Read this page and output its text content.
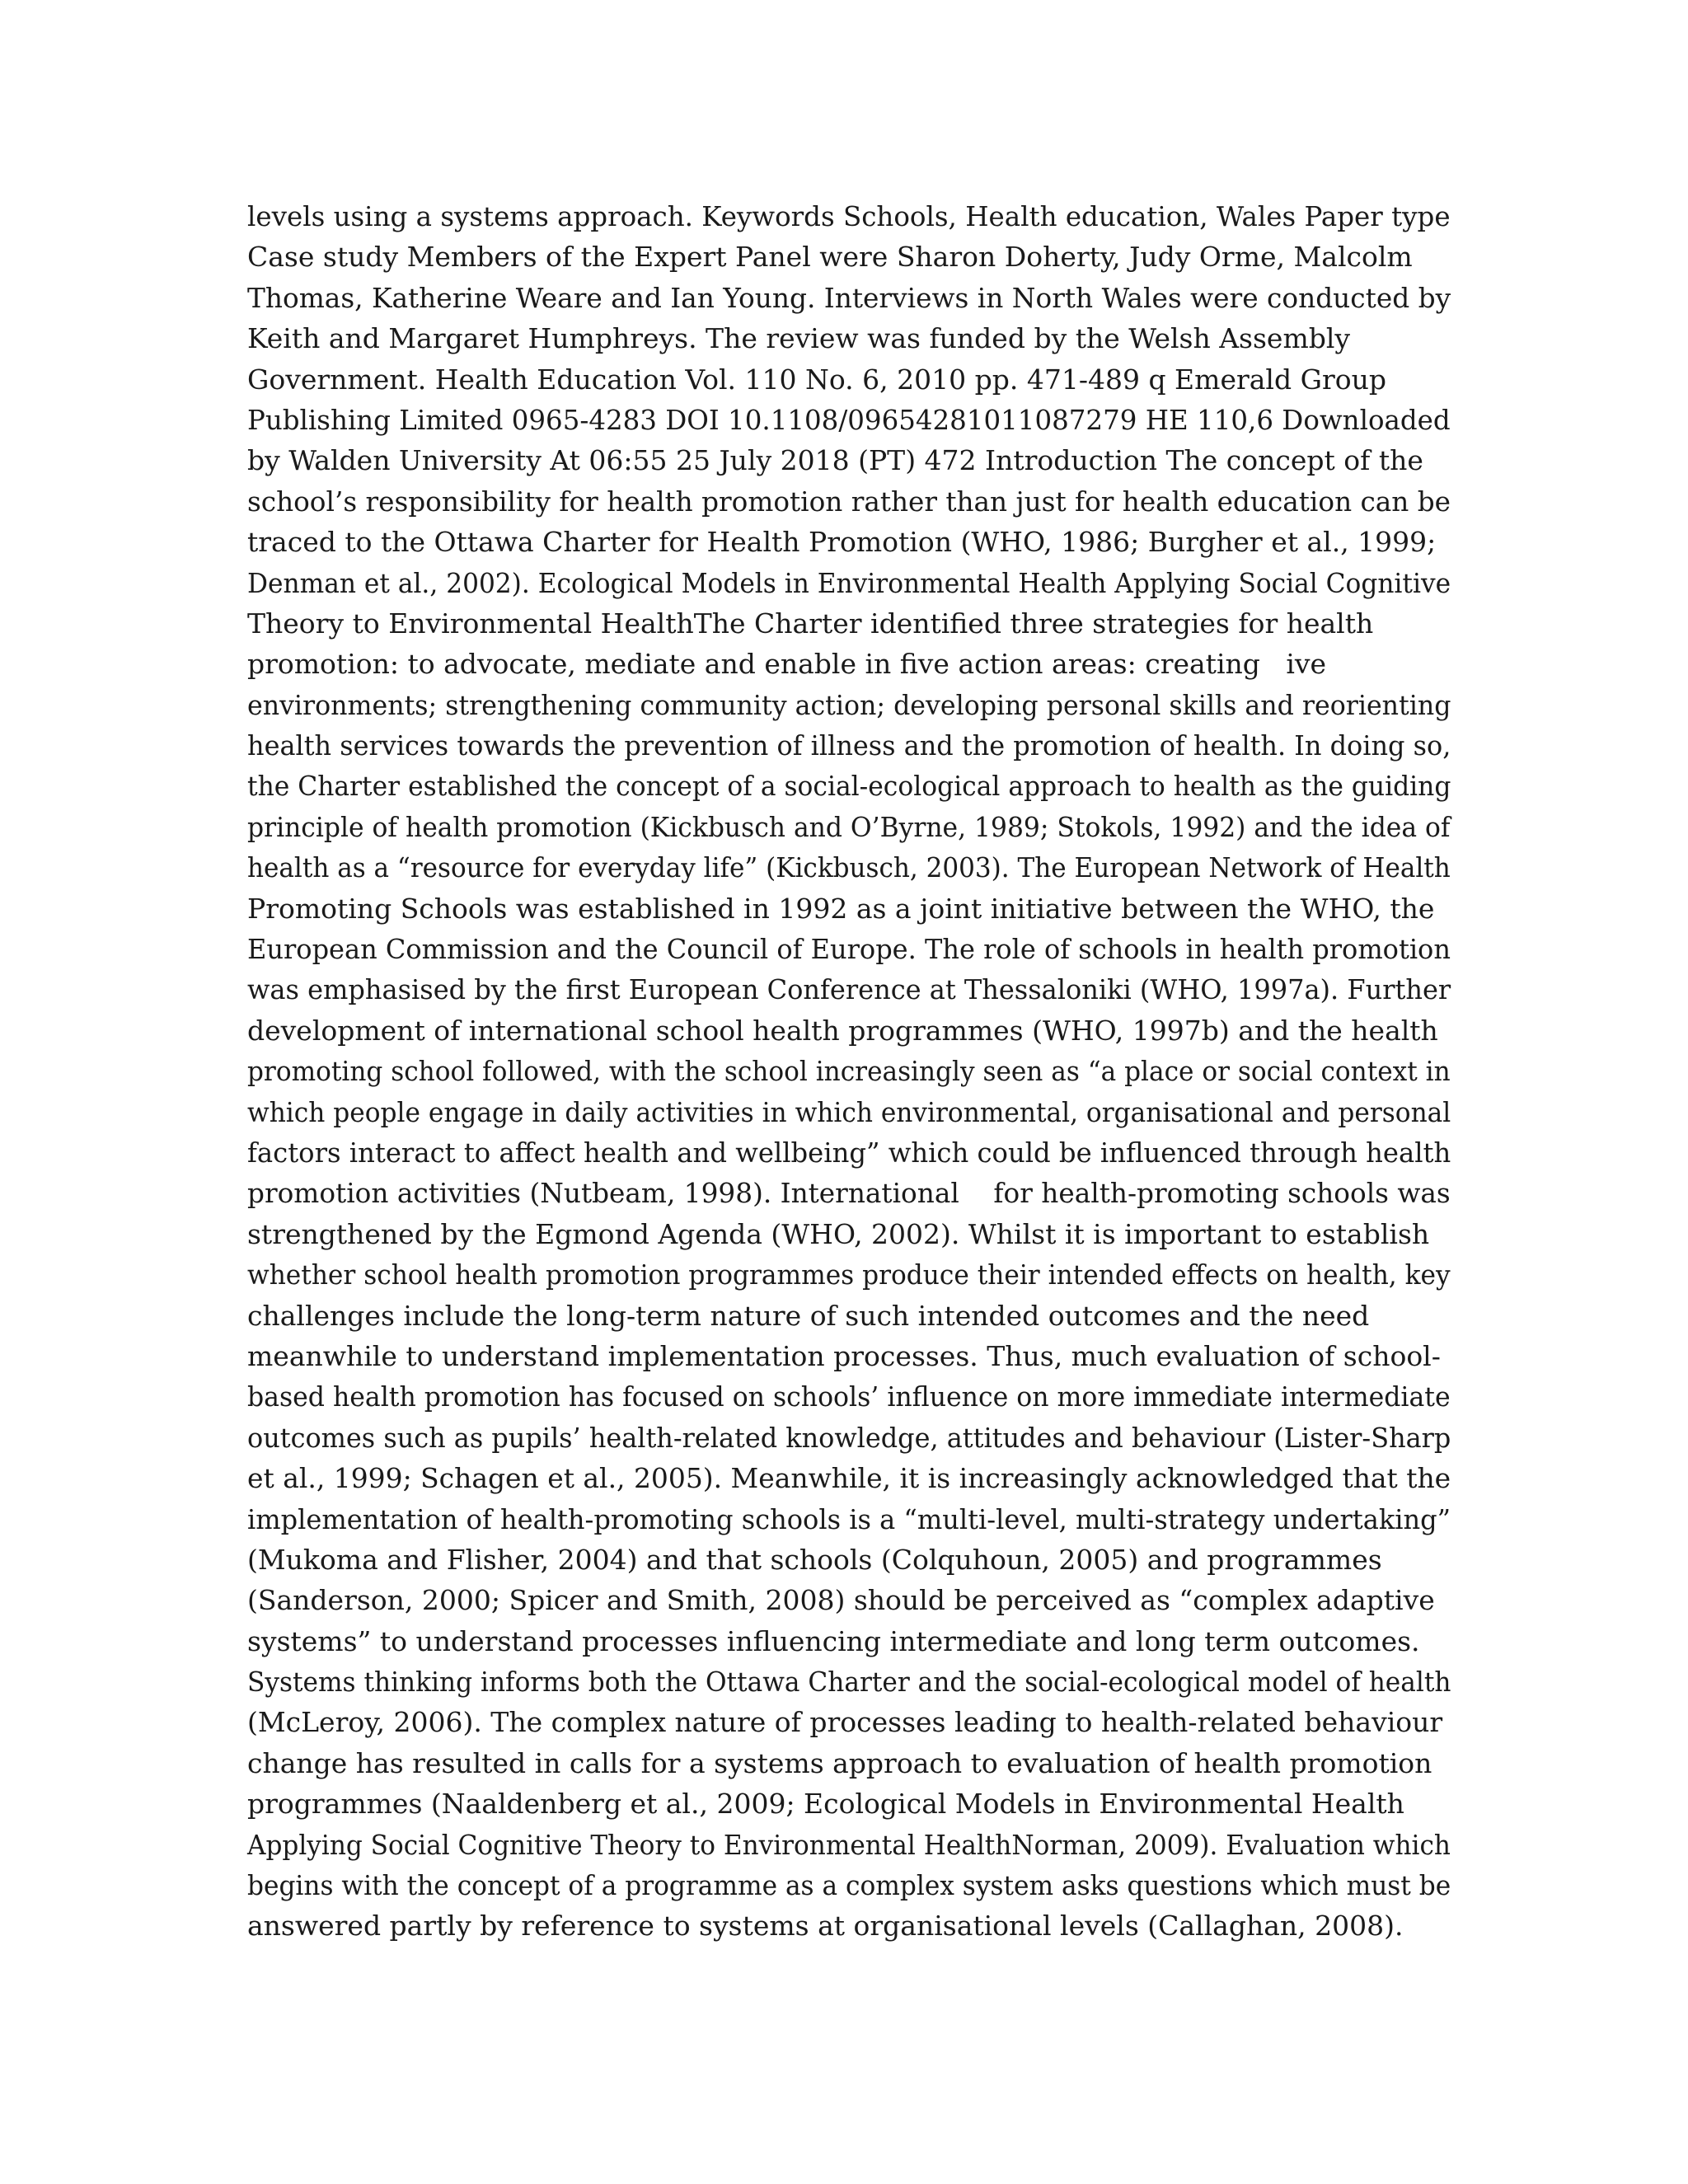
levels using a systems approach. Keywords Schools, Health education, Wales Paper type
Case study Members of the Expert Panel were Sharon Doherty, Judy Orme, Malcolm
Thomas, Katherine Weare and Ian Young. Interviews in North Wales were conducted by
Keith and Margaret Humphreys. The review was funded by the Welsh Assembly
Government. Health Education Vol. 110 No. 6, 2010 pp. 471-489 q Emerald Group
Publishing Limited 0965-4283 DOI 10.1108/09654281011087279 HE 110,6 Downloaded
by Walden University At 06:55 25 July 2018 (PT) 472 Introduction The concept of the
school’s responsibility for health promotion rather than just for health education can be
traced to the Ottawa Charter for Health Promotion (WHO, 1986; Burgher et al., 1999;
Denman et al., 2002). Ecological Models in Environmental Health Applying Social Cognitive
Theory to Environmental HealthThe Charter identified three strategies for health
promotion: to advocate, mediate and enable in five action areas: creating   ive
environments; strengthening community action; developing personal skills and reorienting
health services towards the prevention of illness and the promotion of health. In doing so,
the Charter established the concept of a social-ecological approach to health as the guiding
principle of health promotion (Kickbusch and O’Byrne, 1989; Stokols, 1992) and the idea of
health as a “resource for everyday life” (Kickbusch, 2003). The European Network of Health
Promoting Schools was established in 1992 as a joint initiative between the WHO, the
European Commission and the Council of Europe. The role of schools in health promotion
was emphasised by the first European Conference at Thessaloniki (WHO, 1997a). Further
development of international school health programmes (WHO, 1997b) and the health
promoting school followed, with the school increasingly seen as “a place or social context in
which people engage in daily activities in which environmental, organisational and personal
factors interact to affect health and wellbeing” which could be influenced through health
promotion activities (Nutbeam, 1998). International    for health-promoting schools was
strengthened by the Egmond Agenda (WHO, 2002). Whilst it is important to establish
whether school health promotion programmes produce their intended effects on health, key
challenges include the long-term nature of such intended outcomes and the need
meanwhile to understand implementation processes. Thus, much evaluation of school-
based health promotion has focused on schools’ influence on more immediate intermediate
outcomes such as pupils’ health-related knowledge, attitudes and behaviour (Lister-Sharp
et al., 1999; Schagen et al., 2005). Meanwhile, it is increasingly acknowledged that the
implementation of health-promoting schools is a “multi-level, multi-strategy undertaking”
(Mukoma and Flisher, 2004) and that schools (Colquhoun, 2005) and programmes
(Sanderson, 2000; Spicer and Smith, 2008) should be perceived as “complex adaptive
systems” to understand processes influencing intermediate and long term outcomes.
Systems thinking informs both the Ottawa Charter and the social-ecological model of health
(McLeroy, 2006). The complex nature of processes leading to health-related behaviour
change has resulted in calls for a systems approach to evaluation of health promotion
programmes (Naaldenberg et al., 2009; Ecological Models in Environmental Health
Applying Social Cognitive Theory to Environmental HealthNorman, 2009). Evaluation which
begins with the concept of a programme as a complex system asks questions which must be
answered partly by reference to systems at organisational levels (Callaghan, 2008).
